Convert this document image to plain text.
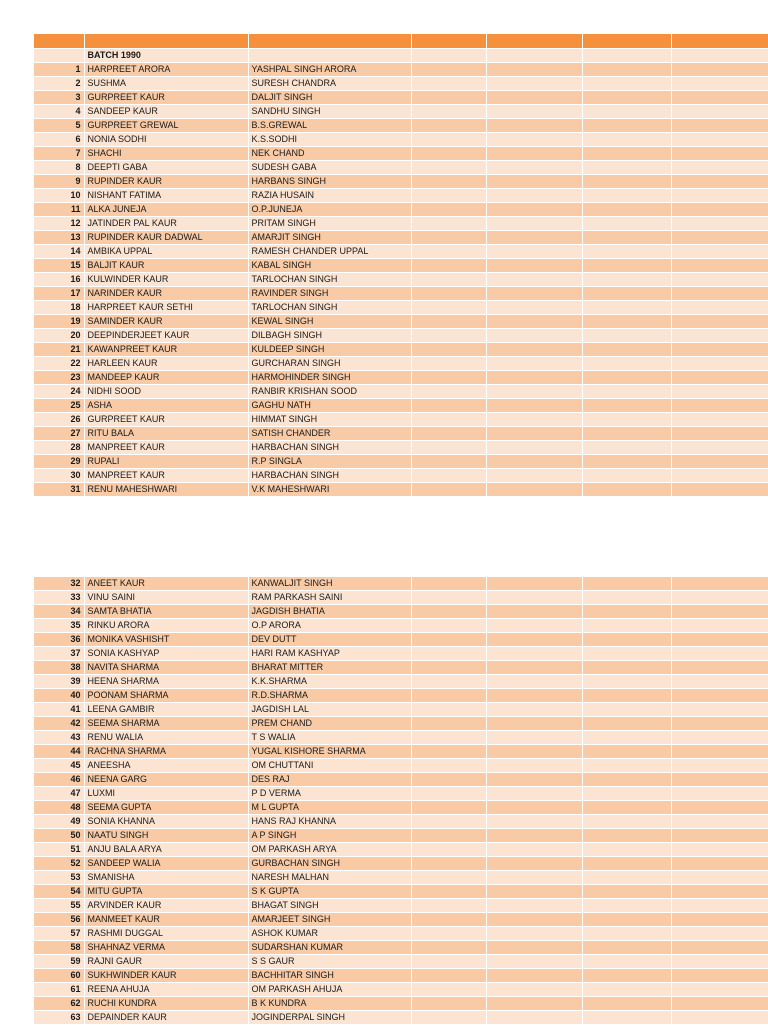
	BATCH 1990					
1	HARPREET ARORA	YASHPAL SINGH ARORA				
2	SUSHMA	SURESH CHANDRA				
3	GURPREET KAUR	DALJIT SINGH				
4	SANDEEP KAUR	SANDHU SINGH				
5	GURPREET GREWAL	B.S.GREWAL				
6	NONIA SODHI	K.S.SODHI				
7	SHACHI	NEK CHAND				
8	DEEPTI GABA	SUDESH GABA				
9	RUPINDER KAUR	HARBANS SINGH				
10	NISHANT FATIMA	RAZIA HUSAIN				
11	ALKA JUNEJA	O.P.JUNEJA				
12	JATINDER PAL KAUR	PRITAM SINGH				
13	RUPINDER KAUR DADWAL	AMARJIT SINGH				
14	AMBIKA UPPAL	RAMESH CHANDER UPPAL				
15	BALJIT KAUR	KABAL SINGH				
16	KULWINDER KAUR	TARLOCHAN SINGH				
17	NARINDER KAUR	RAVINDER SINGH				
18	HARPREET KAUR SETHI	TARLOCHAN SINGH				
19	SAMINDER KAUR	KEWAL SINGH				
20	DEEPINDERJEET KAUR	DILBAGH SINGH				
21	KAWANPREET KAUR	KULDEEP SINGH				
22	HARLEEN KAUR	GURCHARAN SINGH				
23	MANDEEP KAUR	HARMOHINDER SINGH				
24	NIDHI SOOD	RANBIR KRISHAN SOOD				
25	ASHA	GAGHU NATH				
26	GURPREET KAUR	HIMMAT SINGH				
27	RITU BALA	SATISH CHANDER				
28	MANPREET KAUR	HARBACHAN SINGH				
29	RUPALI	R.P SINGLA				
30	MANPREET KAUR	HARBACHAN SINGH				
31	RENU MAHESHWARI	V.K MAHESHWARI				
32	ANEET KAUR	KANWALJIT SINGH				
33	VINU SAINI	RAM PARKASH SAINI				
34	SAMTA BHATIA	JAGDISH BHATIA				
35	RINKU ARORA	O.P ARORA				
36	MONIKA VASHISHT	DEV DUTT				
37	SONIA KASHYAP	HARI RAM KASHYAP				
38	NAVITA SHARMA	BHARAT MITTER				
39	HEENA SHARMA	K.K.SHARMA				
40	POONAM SHARMA	R.D.SHARMA				
41	LEENA GAMBIR	JAGDISH LAL				
42	SEEMA SHARMA	PREM CHAND				
43	RENU WALIA	T S WALIA				
44	RACHNA SHARMA	YUGAL KISHORE SHARMA				
45	ANEESHA	OM CHUTTANI				
46	NEENA GARG	DES RAJ				
47	LUXMI	P D VERMA				
48	SEEMA GUPTA	M L GUPTA				
49	SONIA KHANNA	HANS RAJ KHANNA				
50	NAATU SINGH	A P SINGH				
51	ANJU BALA ARYA	OM PARKASH ARYA				
52	SANDEEP WALIA	GURBACHAN SINGH				
53	SMANISHA	NARESH MALHAN				
54	MITU GUPTA	S K GUPTA				
55	ARVINDER KAUR	BHAGAT SINGH				
56	MANMEET KAUR	AMARJEET SINGH				
57	RASHMI DUGGAL	ASHOK KUMAR				
58	SHAHNAZ VERMA	SUDARSHAN KUMAR				
59	RAJNI GAUR	S S GAUR				
60	SUKHWINDER KAUR	BACHHITAR SINGH				
61	REENA AHUJA	OM PARKASH AHUJA				
62	RUCHI KUNDRA	B K KUNDRA				
63	DEPAINDER KAUR	JOGINDERPAL SINGH				
